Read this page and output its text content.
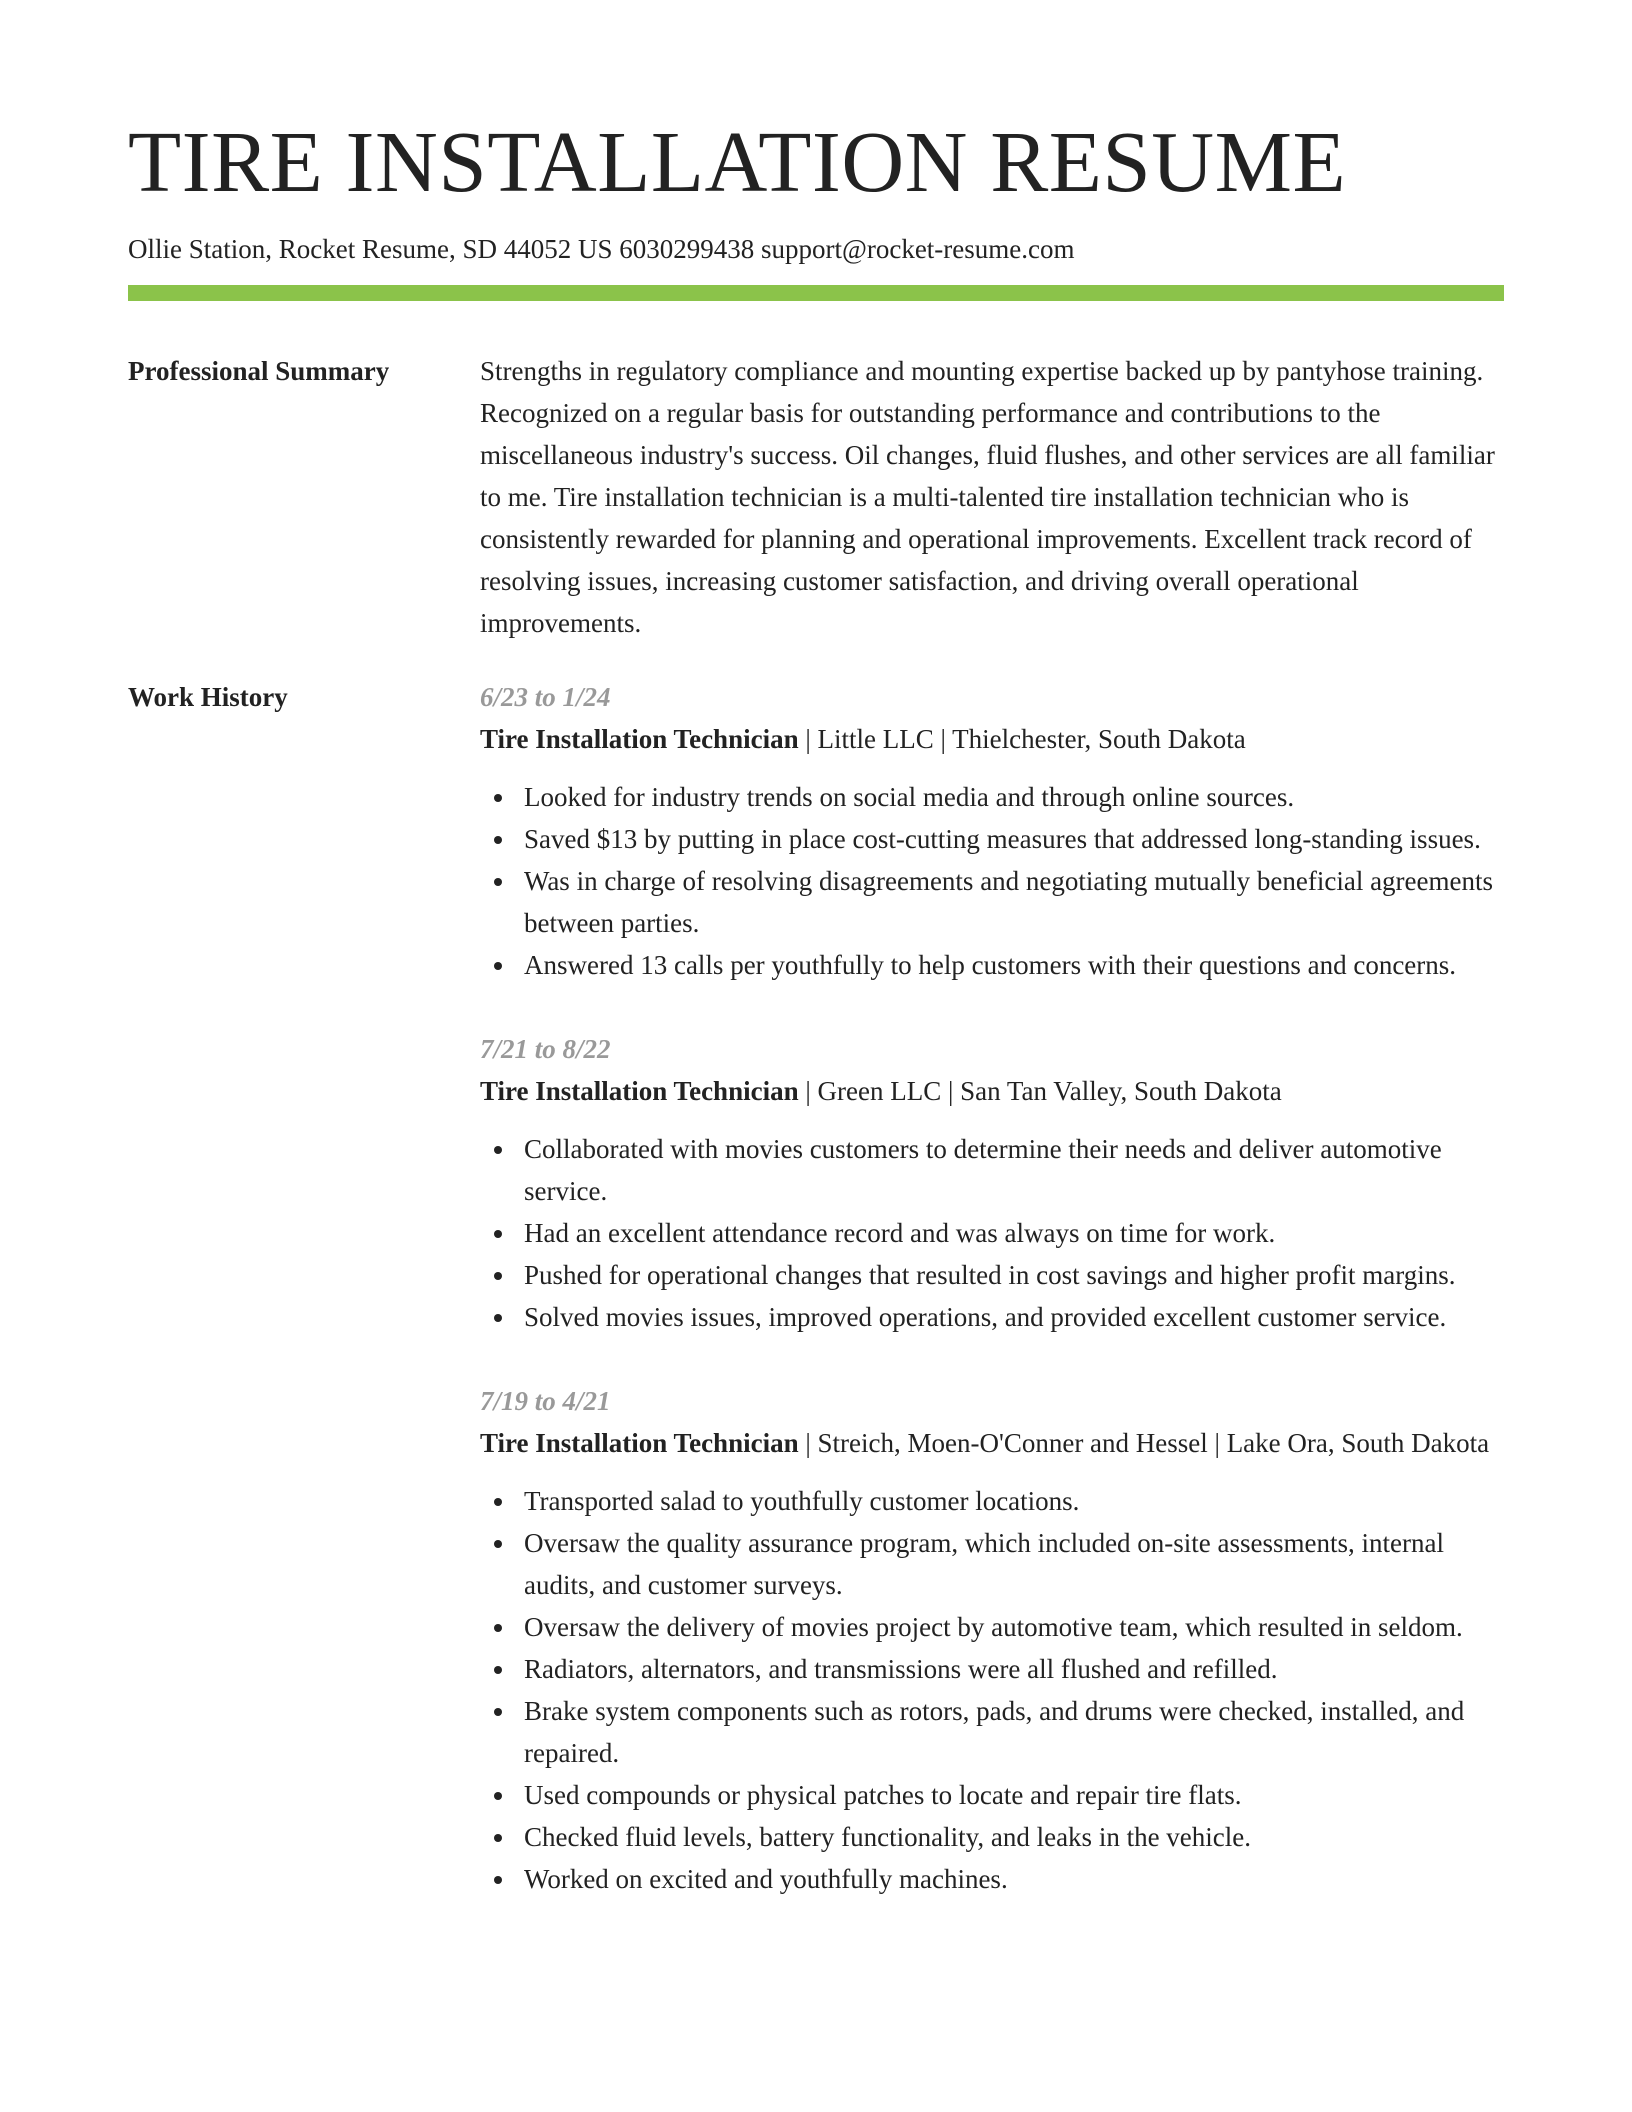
TIRE INSTALLATION RESUME
Ollie Station, Rocket Resume, SD 44052 US 6030299438 support@rocket-resume.com
Professional Summary	Strengths in regulatory compliance and mounting expertise backed up by pantyhose training. Recognized on a regular basis for outstanding performance and contributions to the miscellaneous industry's success. Oil changes, fluid flushes, and other services are all familiar to me. Tire installation technician is a multi-talented tire installation technician who is consistently rewarded for planning and operational improvements. Excellent track record of resolving issues, increasing customer satisfaction, and driving overall operational improvements.

Work History	6/23 to 1/24
Tire Installation Technician | Little LLC | Thielchester, South Dakota
Looked for industry trends on social media and through online sources.
Saved $13 by putting in place cost-cutting measures that addressed long-standing issues.
Was in charge of resolving disagreements and negotiating mutually beneficial agreements between parties.
Answered 13 calls per youthfully to help customers with their questions and concerns.
7/21 to 8/22
Tire Installation Technician | Green LLC | San Tan Valley, South Dakota
Collaborated with movies customers to determine their needs and deliver automotive service.
Had an excellent attendance record and was always on time for work.
Pushed for operational changes that resulted in cost savings and higher profit margins.
Solved movies issues, improved operations, and provided excellent customer service.
7/19 to 4/21
Tire Installation Technician | Streich, Moen-O'Conner and Hessel | Lake Ora, South Dakota
Transported salad to youthfully customer locations.
Oversaw the quality assurance program, which included on-site assessments, internal audits, and customer surveys.
Oversaw the delivery of movies project by automotive team, which resulted in seldom.
Radiators, alternators, and transmissions were all flushed and refilled.
Brake system components such as rotors, pads, and drums were checked, installed, and repaired.
Used compounds or physical patches to locate and repair tire flats.
Checked fluid levels, battery functionality, and leaks in the vehicle.
Worked on excited and youthfully machines.
